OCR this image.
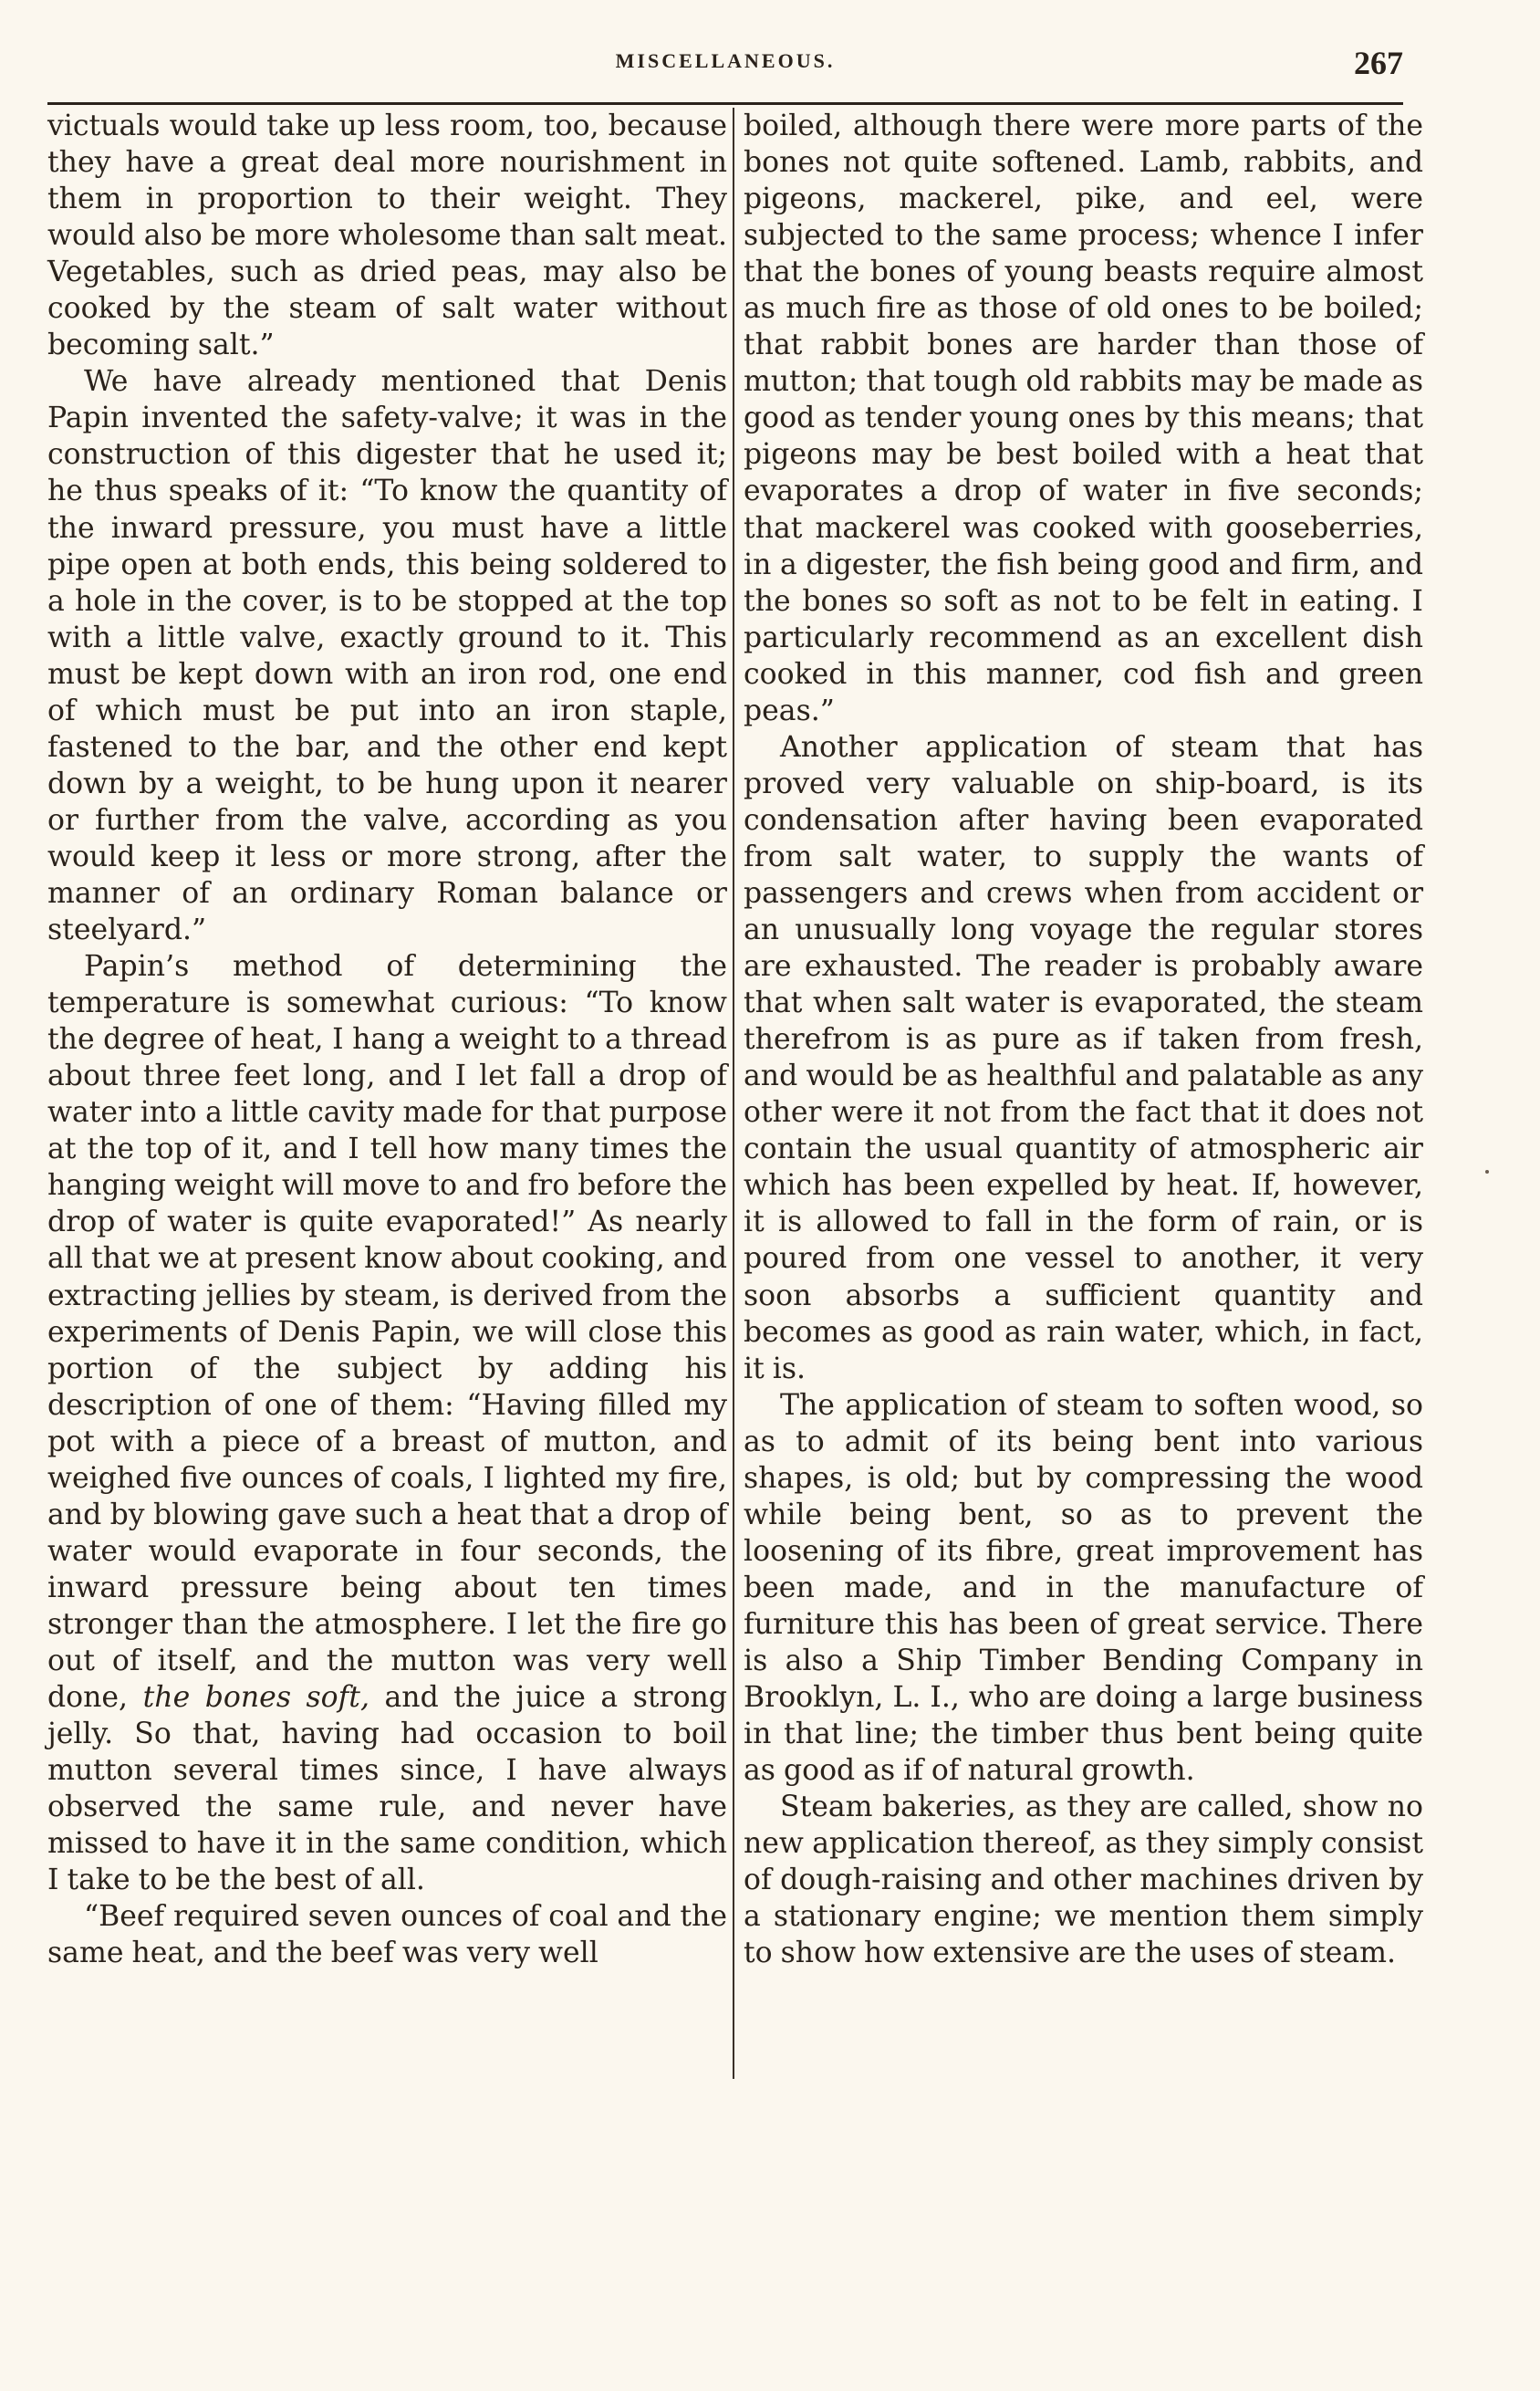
MISCELLANEOUS.	267

victuals would take up less room, too, because they have a great deal more nourishment in them in proportion to their weight. They would also be more wholesome than salt meat. Vegetables, such as dried peas, may also be cooked by the steam of salt water without becoming salt.”

We have already mentioned that Denis Papin invented the safety-valve; it was in the construction of this digester that he used it; he thus speaks of it: “To know the quantity of the inward pressure, you must have a little pipe open at both ends, this being soldered to a hole in the cover, is to be stopped at the top with a little valve, exactly ground to it. This must be kept down with an iron rod, one end of which must be put into an iron staple, fastened to the bar, and the other end kept down by a weight, to be hung upon it nearer or further from the valve, according as you would keep it less or more strong, after the manner of an ordinary Roman balance or steelyard.”

Papin’s method of determining the temperature is somewhat curious: “To know the degree of heat, I hang a weight to a thread about three feet long, and I let fall a drop of water into a little cavity made for that purpose at the top of it, and I tell how many times the hanging weight will move to and fro before the drop of water is quite evaporated!” As nearly all that we at present know about cooking, and extracting jellies by steam, is derived from the experiments of Denis Papin, we will close this portion of the subject by adding his description of one of them: “Having filled my pot with a piece of a breast of mutton, and weighed five ounces of coals, I lighted my fire, and by blowing gave such a heat that a drop of water would evaporate in four seconds, the inward pressure being about ten times stronger than the atmosphere. I let the fire go out of itself, and the mutton was very well done, the bones soft, and the juice a strong jelly. So that, having had occasion to boil mutton several times since, I have always observed the same rule, and never have missed to have it in the same condition, which I take to be the best of all.

“Beef required seven ounces of coal and the same heat, and the beef was very well

boiled, although there were more parts of the bones not quite softened. Lamb, rabbits, and pigeons, mackerel, pike, and eel, were subjected to the same process; whence I infer that the bones of young beasts require almost as much fire as those of old ones to be boiled; that rabbit bones are harder than those of mutton; that tough old rabbits may be made as good as tender young ones by this means; that pigeons may be best boiled with a heat that evaporates a drop of water in five seconds; that mackerel was cooked with gooseberries, in a digester, the fish being good and firm, and the bones so soft as not to be felt in eating. I particularly recommend as an excellent dish cooked in this manner, cod fish and green peas.”

Another application of steam that has proved very valuable on ship-board, is its condensation after having been evaporated from salt water, to supply the wants of passengers and crews when from accident or an unusually long voyage the regular stores are exhausted. The reader is probably aware that when salt water is evaporated, the steam therefrom is as pure as if taken from fresh, and would be as healthful and palatable as any other were it not from the fact that it does not contain the usual quantity of atmospheric air which has been expelled by heat. If, however, it is allowed to fall in the form of rain, or is poured from one vessel to another, it very soon absorbs a sufficient quantity and becomes as good as rain water, which, in fact, it is.

The application of steam to soften wood, so as to admit of its being bent into various shapes, is old; but by compressing the wood while being bent, so as to prevent the loosening of its fibre, great improvement has been made, and in the manufacture of furniture this has been of great service. There is also a Ship Timber Bending Company in Brooklyn, L. I., who are doing a large business in that line; the timber thus bent being quite as good as if of natural growth.

Steam bakeries, as they are called, show no new application thereof, as they simply consist of dough-raising and other machines driven by a stationary engine; we mention them simply to show how extensive are the uses of steam.
